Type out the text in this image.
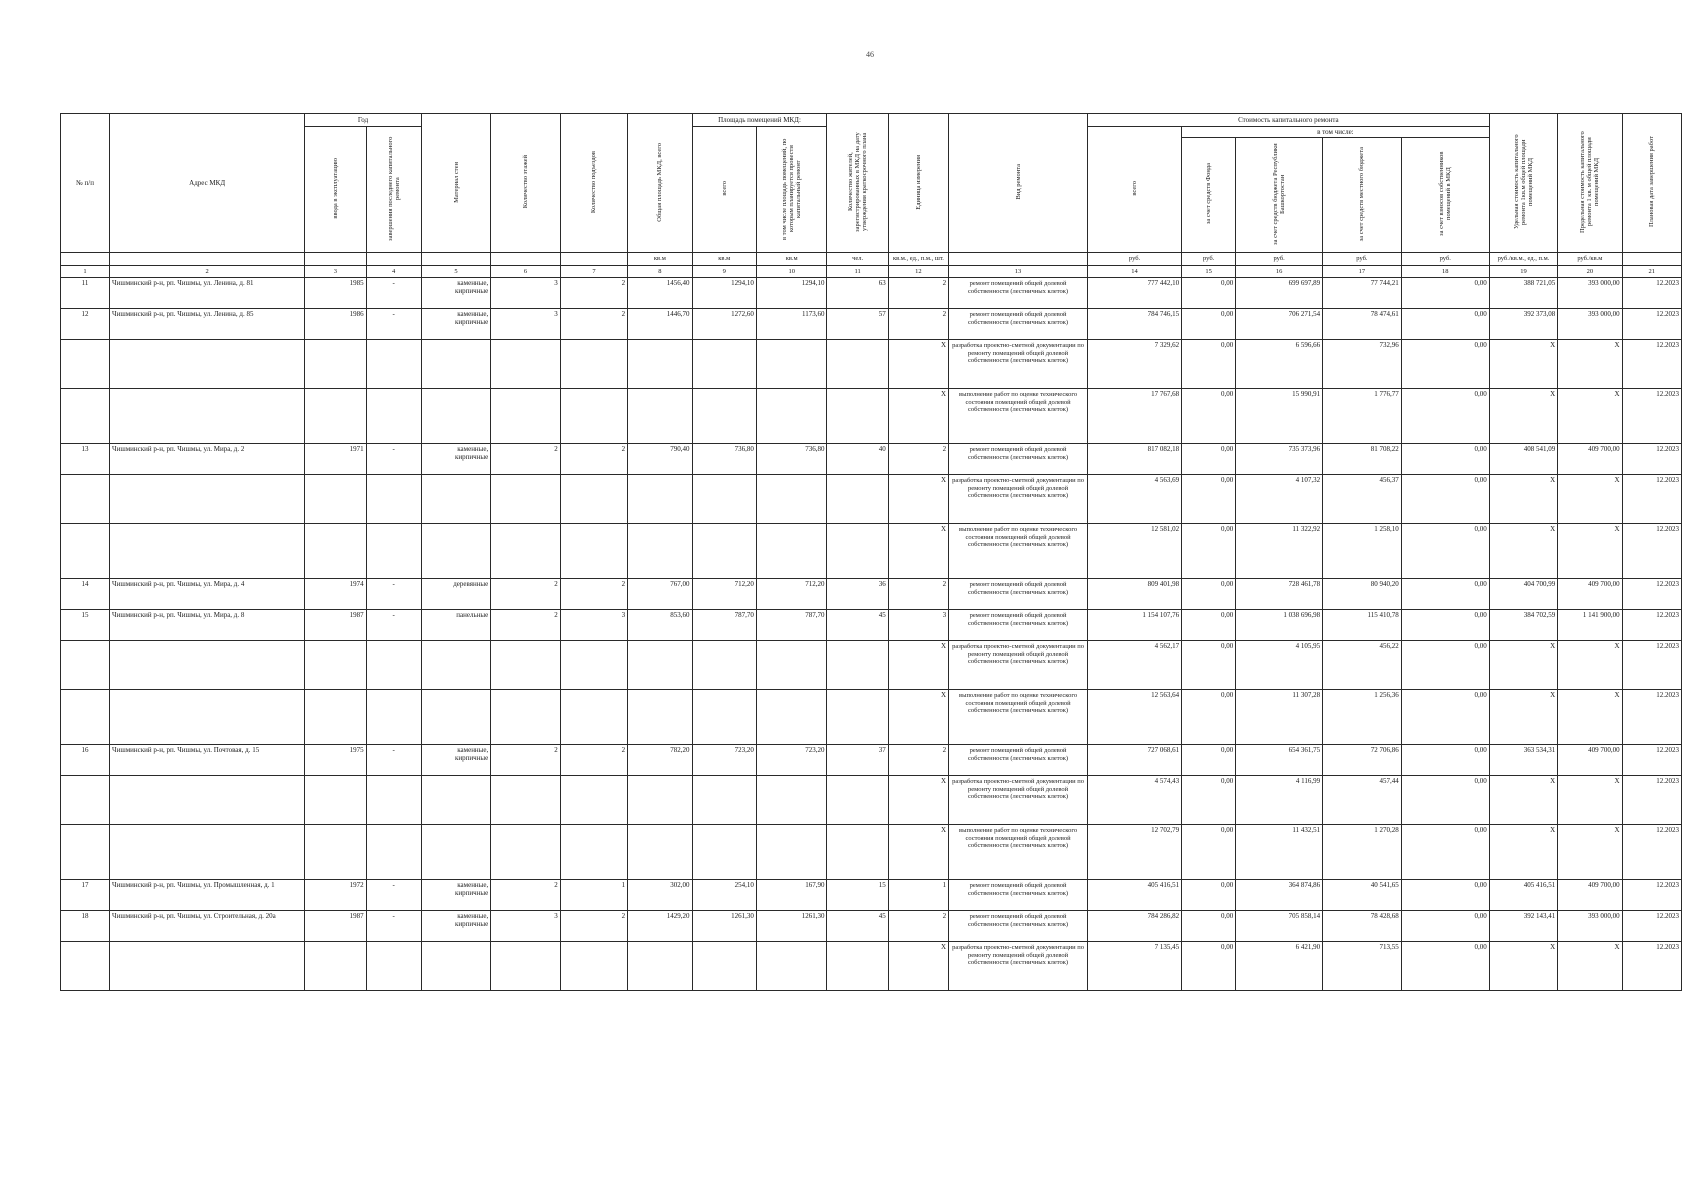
46
№ п/п	Адрес МКД	Год		Материал стен	Количество этажей	Количество подъездов	Общая площадь МКД, всего	Площадь помещений МКД:		Количество жителей, зарегистрированных в МКД на дату утверждения краткосрочного плана	Единица измерения	Вид ремонта	Стоимость капитального ремонта					Удельная стоимость капитального ремонта 1кв.м общей площади помещений МКД	Предельная стоимость капитального ремонта 1 кв. м общей площади помещений МКД	Плановая дата завершения работ
		ввода в эксплуатацию	завершения последнего капитального ремонта					всего	в том числе площадь помещений, по которым планируется провести капитальный ремонт				всего	в том числе:						
														за счет средств Фонда	за счет средств бюджета Республики Башкортостан	за счет средств местного бюджета	за счет взносов собственников помещений в МКД			
							кв.м	кв.м	кв.м	чел.	кв.м., ед., п.м., шт.		руб.	руб.	руб.	руб.	руб.	руб./кв.м., ед., п.м.	руб./кв.м	
1	2	3	4	5	6	7	8	9	10	11	12	13	14	15	16	17	18	19	20	21
11	Чишминский р-н, рп. Чишмы, ул. Ленина, д. 81	1985	-	каменные, кирпичные	3	2	1456,40	1294,10	1294,10	63	2	ремонт помещений общей долевой собственности (лестничных клеток)	777 442,10	0,00	699 697,89	77 744,21	0,00	388 721,05	393 000,00	12.2023
12	Чишминский р-н, рп. Чишмы, ул. Ленина, д. 85	1986	-	каменные, кирпичные	3	2	1446,70	1272,60	1173,60	57	2	ремонт помещений общей долевой собственности (лестничных клеток)	784 746,15	0,00	706 271,54	78 474,61	0,00	392 373,08	393 000,00	12.2023
											X	разработка проектно-сметной документации по ремонту помещений общей долевой собственности (лестничных клеток)	7 329,62	0,00	6 596,66	732,96	0,00	X	X	12.2023
											X	выполнение работ по оценке технического состояния помещений общей долевой собственности (лестничных клеток)	17 767,68	0,00	15 990,91	1 776,77	0,00	X	X	12.2023
13	Чишминский р-н, рп. Чишмы, ул. Мира, д. 2	1971	-	каменные, кирпичные	2	2	790,40	736,80	736,80	40	2	ремонт помещений общей долевой собственности (лестничных клеток)	817 082,18	0,00	735 373,96	81 708,22	0,00	408 541,09	409 700,00	12.2023
											X	разработка проектно-сметной документации по ремонту помещений общей долевой собственности (лестничных клеток)	4 563,69	0,00	4 107,32	456,37	0,00	X	X	12.2023
											X	выполнение работ по оценке технического состояния помещений общей долевой собственности (лестничных клеток)	12 581,02	0,00	11 322,92	1 258,10	0,00	X	X	12.2023
14	Чишминский р-н, рп. Чишмы, ул. Мира, д. 4	1974	-	деревянные	2	2	767,00	712,20	712,20	36	2	ремонт помещений общей долевой собственности (лестничных клеток)	809 401,98	0,00	728 461,78	80 940,20	0,00	404 700,99	409 700,00	12.2023
15	Чишминский р-н, рп. Чишмы, ул. Мира, д. 8	1987	-	панельные	2	3	853,60	787,70	787,70	45	3	ремонт помещений общей долевой собственности (лестничных клеток)	1 154 107,76	0,00	1 038 696,98	115 410,78	0,00	384 702,59	1 141 900,00	12.2023
											X	разработка проектно-сметной документации по ремонту помещений общей долевой собственности (лестничных клеток)	4 562,17	0,00	4 105,95	456,22	0,00	X	X	12.2023
											X	выполнение работ по оценке технического состояния помещений общей долевой собственности (лестничных клеток)	12 563,64	0,00	11 307,28	1 256,36	0,00	X	X	12.2023
16	Чишминский р-н, рп. Чишмы, ул. Почтовая, д. 15	1975	-	каменные, кирпичные	2	2	782,20	723,20	723,20	37	2	ремонт помещений общей долевой собственности (лестничных клеток)	727 068,61	0,00	654 361,75	72 706,86	0,00	363 534,31	409 700,00	12.2023
											X	разработка проектно-сметной документации по ремонту помещений общей долевой собственности (лестничных клеток)	4 574,43	0,00	4 116,99	457,44	0,00	X	X	12.2023
											X	выполнение работ по оценке технического состояния помещений общей долевой собственности (лестничных клеток)	12 702,79	0,00	11 432,51	1 270,28	0,00	X	X	12.2023
17	Чишминский р-н, рп. Чишмы, ул. Промышленная, д. 1	1972	-	каменные, кирпичные	2	1	302,00	254,10	167,90	15	1	ремонт помещений общей долевой собственности (лестничных клеток)	405 416,51	0,00	364 874,86	40 541,65	0,00	405 416,51	409 700,00	12.2023
18	Чишминский р-н, рп. Чишмы, ул. Строительная, д. 20а	1987	-	каменные, кирпичные	3	2	1429,20	1261,30	1261,30	45	2	ремонт помещений общей долевой собственности (лестничных клеток)	784 286,82	0,00	705 858,14	78 428,68	0,00	392 143,41	393 000,00	12.2023
											X	разработка проектно-сметной документации по ремонту помещений общей долевой собственности (лестничных клеток)	7 135,45	0,00	6 421,90	713,55	0,00	X	X	12.2023
